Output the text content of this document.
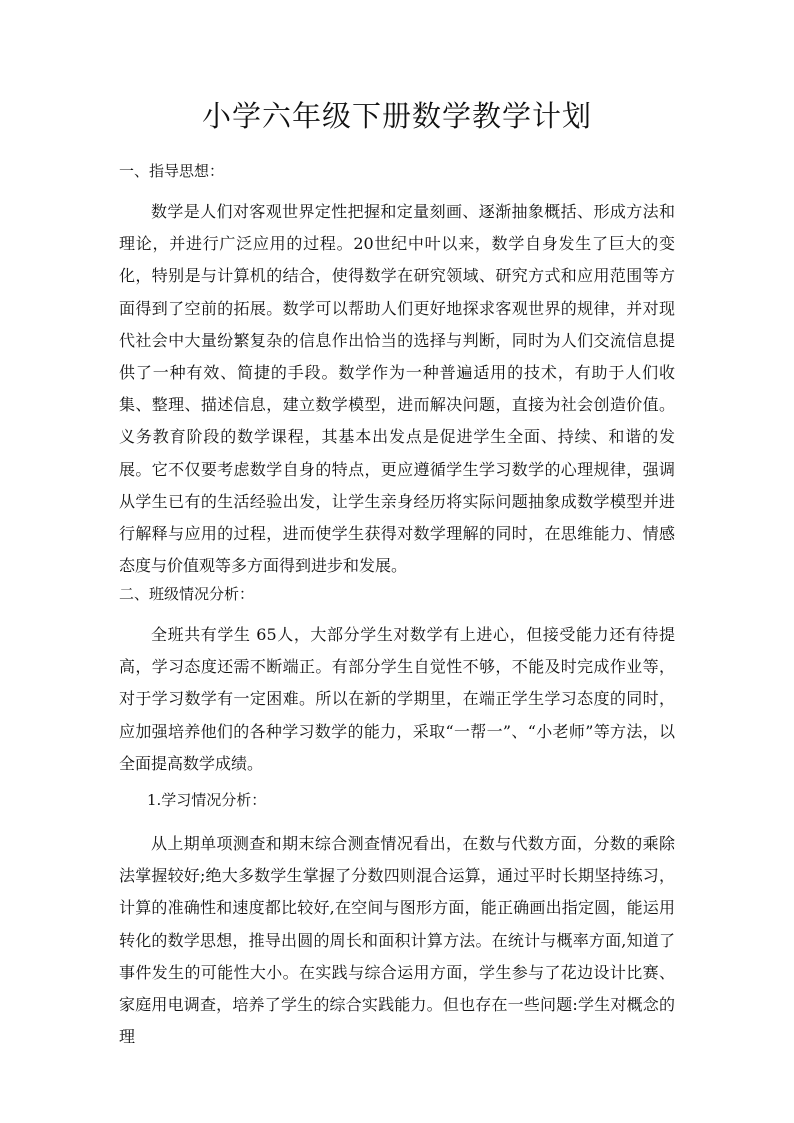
小学六年级下册数学教学计划

一、指导思想：

数学是人们对客观世界定性把握和定量刻画、逐渐抽象概括、形成方法和理论，并进行广泛应用的过程。20世纪中叶以来，数学自身发生了巨大的变化，特别是与计算机的结合，使得数学在研究领域、研究方式和应用范围等方面得到了空前的拓展。数学可以帮助人们更好地探求客观世界的规律，并对现代社会中大量纷繁复杂的信息作出恰当的选择与判断，同时为人们交流信息提供了一种有效、简捷的手段。数学作为一种普遍适用的技术，有助于人们收集、整理、描述信息，建立数学模型，进而解决问题，直接为社会创造价值。义务教育阶段的数学课程，其基本出发点是促进学生全面、持续、和谐的发展。它不仅要考虑数学自身的特点，更应遵循学生学习数学的心理规律，强调从学生已有的生活经验出发，让学生亲身经历将实际问题抽象成数学模型并进行解释与应用的过程，进而使学生获得对数学理解的同时，在思维能力、情感态度与价值观等多方面得到进步和发展。

二、班级情况分析：

全班共有学生 65人，大部分学生对数学有上进心，但接受能力还有待提高，学习态度还需不断端正。有部分学生自觉性不够，不能及时完成作业等，对于学习数学有一定困难。所以在新的学期里，在端正学生学习态度的同时，应加强培养他们的各种学习数学的能力，采取“一帮一”、“小老师”等方法，以全面提高数学成绩。

1.学习情况分析：

从上期单项测查和期末综合测查情况看出，在数与代数方面，分数的乘除法掌握较好;绝大多数学生掌握了分数四则混合运算，通过平时长期坚持练习，计算的准确性和速度都比较好,在空间与图形方面，能正确画出指定圆，能运用转化的数学思想，推导出圆的周长和面积计算方法。在统计与概率方面,知道了事件发生的可能性大小。在实践与综合运用方面，学生参与了花边设计比赛、家庭用电调查，培养了学生的综合实践能力。但也存在一些问题:学生对概念的理
